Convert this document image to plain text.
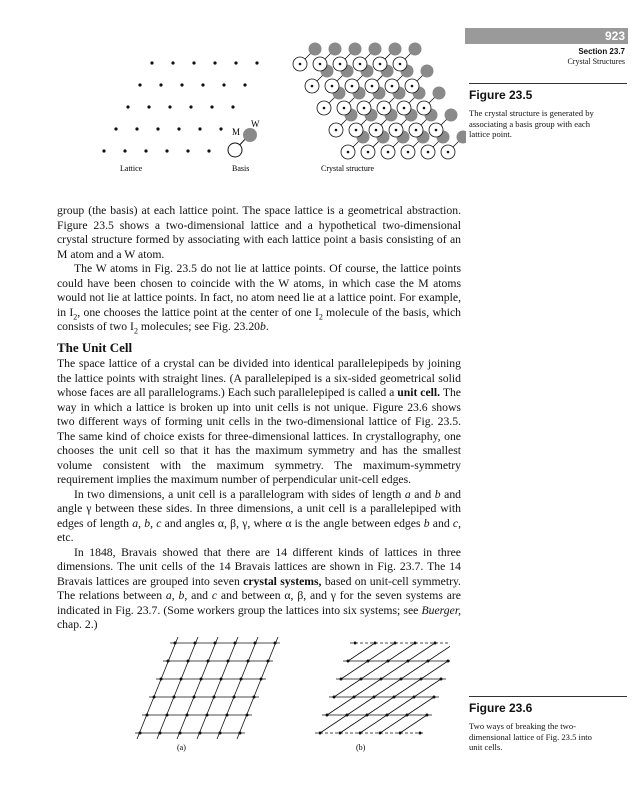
923
Section 23.7
Crystal Structures
M
W
Lattice	Basis	Crystal structure
Figure 23.5
The crystal structure is generated by associating a basis group with each lattice point.

group (the basis) at each lattice point. The space lattice is a geometrical abstraction. Figure 23.5 shows a two-dimensional lattice and a hypothetical two-dimensional crystal structure formed by associating with each lattice point a basis consisting of an M atom and a W atom.

The W atoms in Fig. 23.5 do not lie at lattice points. Of course, the lattice points could have been chosen to coincide with the W atoms, in which case the M atoms would not lie at lattice points. In fact, no atom need lie at a lattice point. For example, in $I_2$, one chooses the lattice point at the center of one $I_2$ molecule of the basis, which consists of two $I_2$ molecules; see Fig. 23.20b.

The Unit Cell

The space lattice of a crystal can be divided into identical parallelepipeds by joining the lattice points with straight lines. (A parallelepiped is a six-sided geometrical solid whose faces are all parallelograms.) Each such parallelepiped is called a unit cell. The way in which a lattice is broken up into unit cells is not unique. Figure 23.6 shows two different ways of forming unit cells in the two-dimensional lattice of Fig. 23.5. The same kind of choice exists for three-dimensional lattices. In crystallography, one chooses the unit cell so that it has the maximum symmetry and has the smallest volume consistent with the maximum symmetry. The maximum-symmetry requirement implies the maximum number of perpendicular unit-cell edges.

In two dimensions, a unit cell is a parallelogram with sides of length a and b and angle γ between these sides. In three dimensions, a unit cell is a parallelepiped with edges of length a, b, c and angles α, β, γ, where α is the angle between edges b and c, etc.

In 1848, Bravais showed that there are 14 different kinds of lattices in three dimensions. The unit cells of the 14 Bravais lattices are shown in Fig. 23.7. The 14 Bravais lattices are grouped into seven crystal systems, based on unit-cell symmetry. The relations between a, b, and c and between α, β, and γ for the seven systems are indicated in Fig. 23.7. (Some workers group the lattices into six systems; see Buerger, chap. 2.)

(a)	(b)
Figure 23.6
Two ways of breaking the two-dimensional lattice of Fig. 23.5 into unit cells.
